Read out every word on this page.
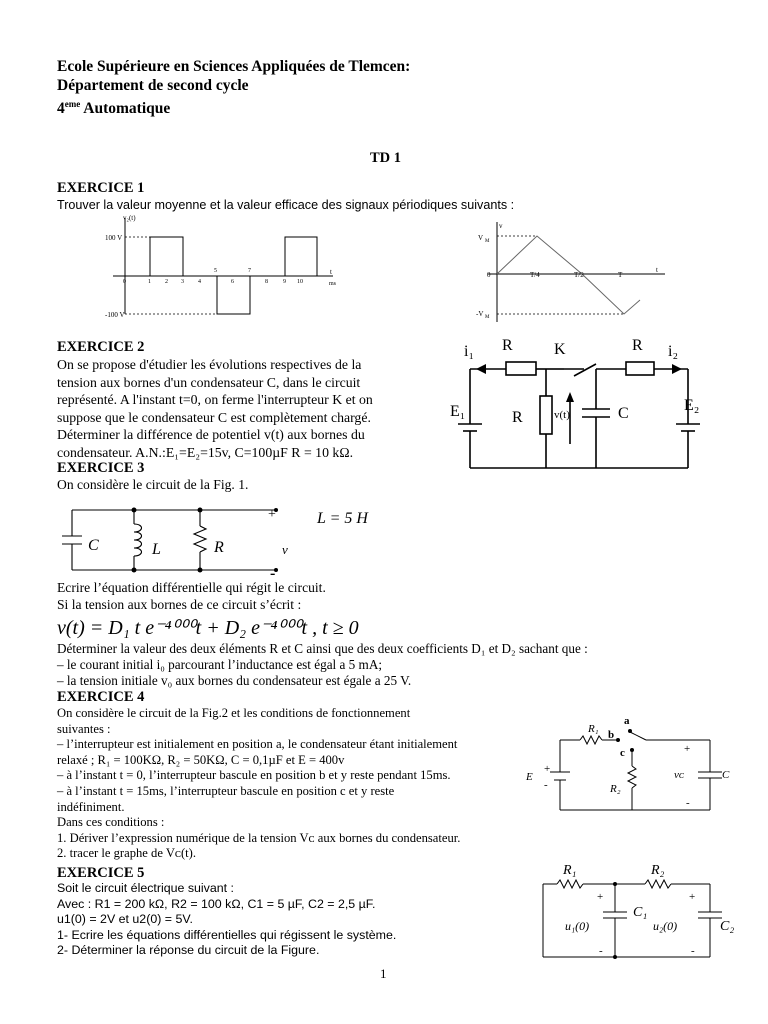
Ecole Supérieure en Sciences Appliquées de Tlemcen:
Département de second cycle
4eme Automatique
TD 1
EXERCICE 1
Trouver la valeur moyenne et la valeur efficace des signaux périodiques suivants :
v₂(t)
100 V
-100 V
t
ms
0	1 2 3 4
5
6
7
8	9 10
v
V M
-V M
0
t
T/4	T/2	T
EXERCICE 2
On se propose d'étudier les évolutions respectives de la
tension aux bornes d'un condensateur C, dans le circuit
représenté. A l'instant t=0, on ferme l'interrupteur K et on
suppose que le condensateur C est complètement chargé.
Déterminer la différence de potentiel v(t) aux bornes du
condensateur. A.N.:E₁=E₂=15v, C=100µF R = 10 kΩ.
i₁ R	K	R i₂
E₁	E₂
R	C
v(t)
EXERCICE 3
On considère le circuit de la Fig. 1.
C	L	R	v
+
-
L = 5 H
Ecrire l’équation différentielle qui régit le circuit.
Si la tension aux bornes de ce circuit s’écrit :
v(t) = D₁ t e⁻⁴⁰⁰⁰t + D₂ e⁻⁴⁰⁰⁰t , t ≥ 0
Déterminer la valeur des deux éléments R et C ainsi que des deux coefficients D₁ et D₂ sachant que :
– le courant initial i₀ parcourant l’inductance est égal a 5 mA;
– la tension initiale v₀ aux bornes du condensateur est égale a 25 V.
EXERCICE 4
On considère le circuit de la Fig.2 et les conditions de fonctionnement
suivantes :
– l’interrupteur est initialement en position a, le condensateur étant initialement
relaxé ; R₁ = 100KΩ, R₂ = 50KΩ, C = 0,1µF et E = 400v
– à l’instant t = 0, l’interrupteur bascule en position b et y reste pendant 15ms.
– à l’instant t = 15ms, l’interrupteur bascule en position c et y reste
indéfiniment.
Dans ces conditions :
1. Dériver l’expression numérique de la tension Vᴄ aux bornes du condensateur.
2. tracer le graphe de Vᴄ(t).
a
b
c
R₁
R₂
E	vᴄ	C
+
-
+
-
EXERCICE 5
Soit le circuit électrique suivant :
Avec : R1 = 200 kΩ, R2 = 100 kΩ, C1 = 5 µF, C2 = 2,5 µF.
u1(0) = 2V et u2(0) = 5V.
1- Ecrire les équations différentielles qui régissent le système.
2- Déterminer la réponse du circuit de la Figure.
R₁	R₂
C₁
C₂
u₁(0)	u₂(0)
+
-
+
-
1
